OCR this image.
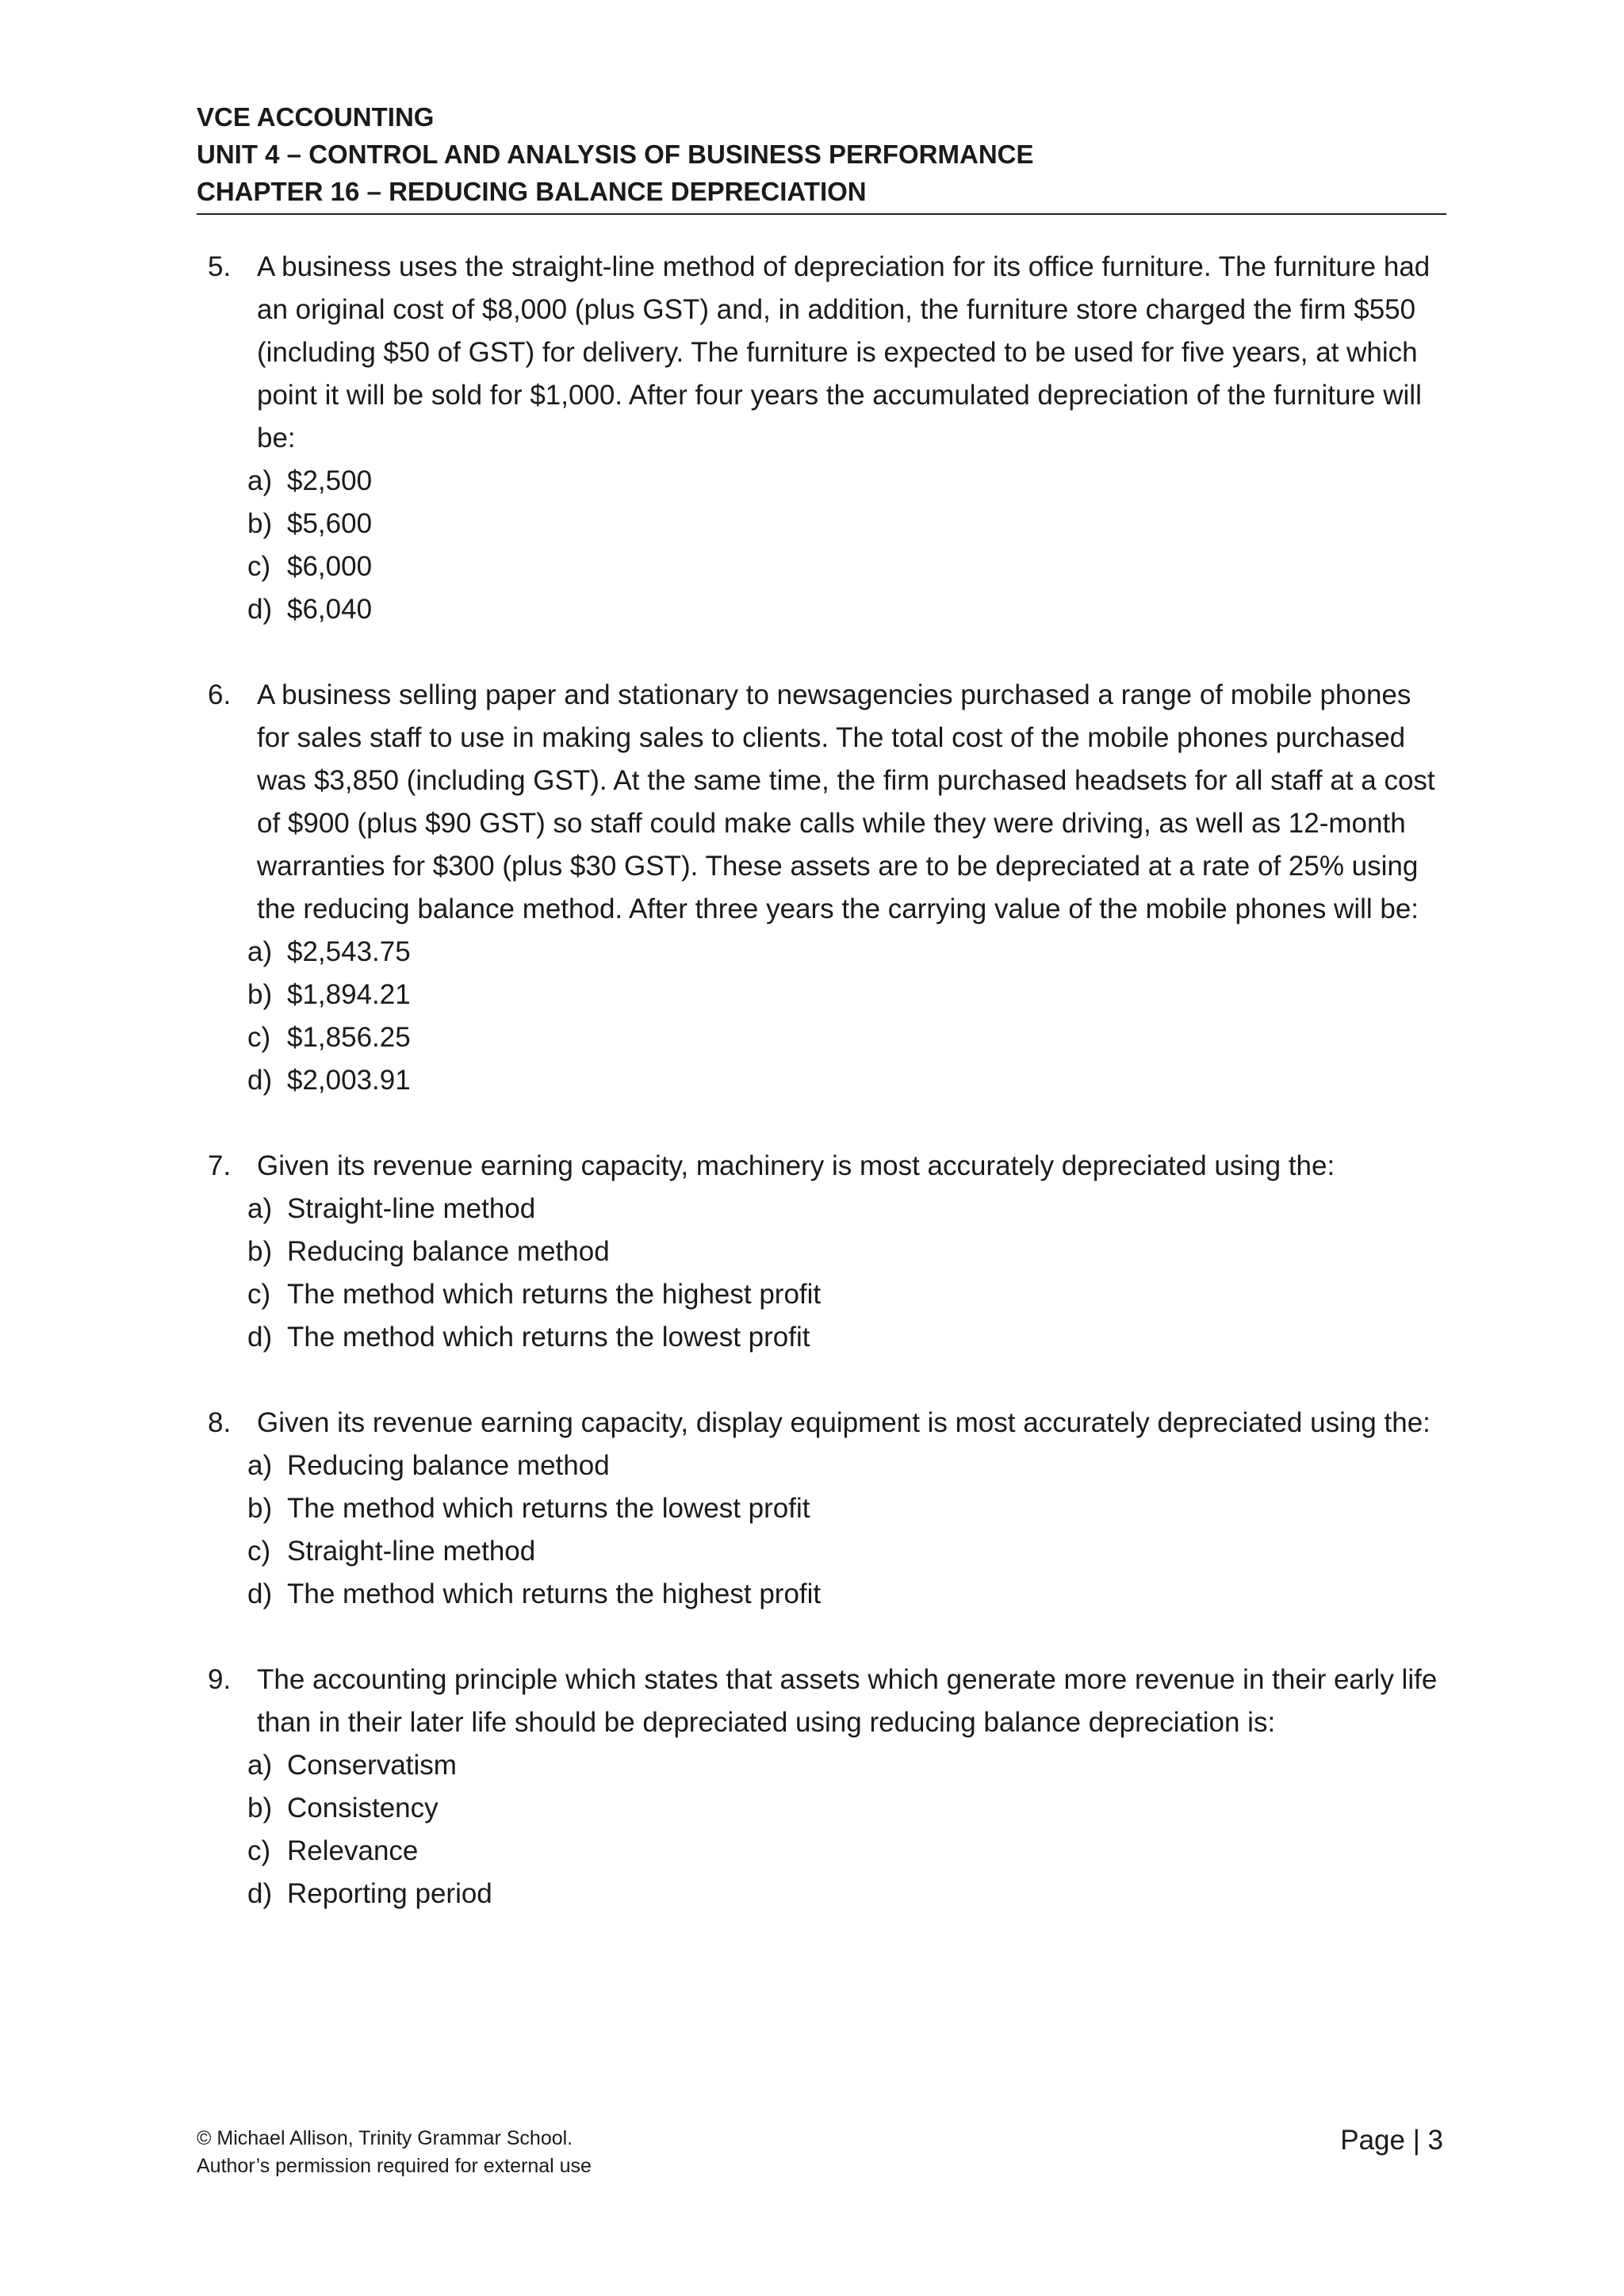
VCE ACCOUNTING
UNIT 4 – CONTROL AND ANALYSIS OF BUSINESS PERFORMANCE
CHAPTER 16 – REDUCING BALANCE DEPRECIATION
5. A business uses the straight-line method of depreciation for its office furniture. The furniture had an original cost of $8,000 (plus GST) and, in addition, the furniture store charged the firm $550 (including $50 of GST) for delivery. The furniture is expected to be used for five years, at which point it will be sold for $1,000. After four years the accumulated depreciation of the furniture will be:
a) $2,500
b) $5,600
c) $6,000
d) $6,040
6. A business selling paper and stationary to newsagencies purchased a range of mobile phones for sales staff to use in making sales to clients. The total cost of the mobile phones purchased was $3,850 (including GST). At the same time, the firm purchased headsets for all staff at a cost of $900 (plus $90 GST) so staff could make calls while they were driving, as well as 12-month warranties for $300 (plus $30 GST). These assets are to be depreciated at a rate of 25% using the reducing balance method. After three years the carrying value of the mobile phones will be:
a) $2,543.75
b) $1,894.21
c) $1,856.25
d) $2,003.91
7. Given its revenue earning capacity, machinery is most accurately depreciated using the:
a) Straight-line method
b) Reducing balance method
c) The method which returns the highest profit
d) The method which returns the lowest profit
8. Given its revenue earning capacity, display equipment is most accurately depreciated using the:
a) Reducing balance method
b) The method which returns the lowest profit
c) Straight-line method
d) The method which returns the highest profit
9. The accounting principle which states that assets which generate more revenue in their early life than in their later life should be depreciated using reducing balance depreciation is:
a) Conservatism
b) Consistency
c) Relevance
d) Reporting period
© Michael Allison, Trinity Grammar School.
Author’s permission required for external use
Page | 3
